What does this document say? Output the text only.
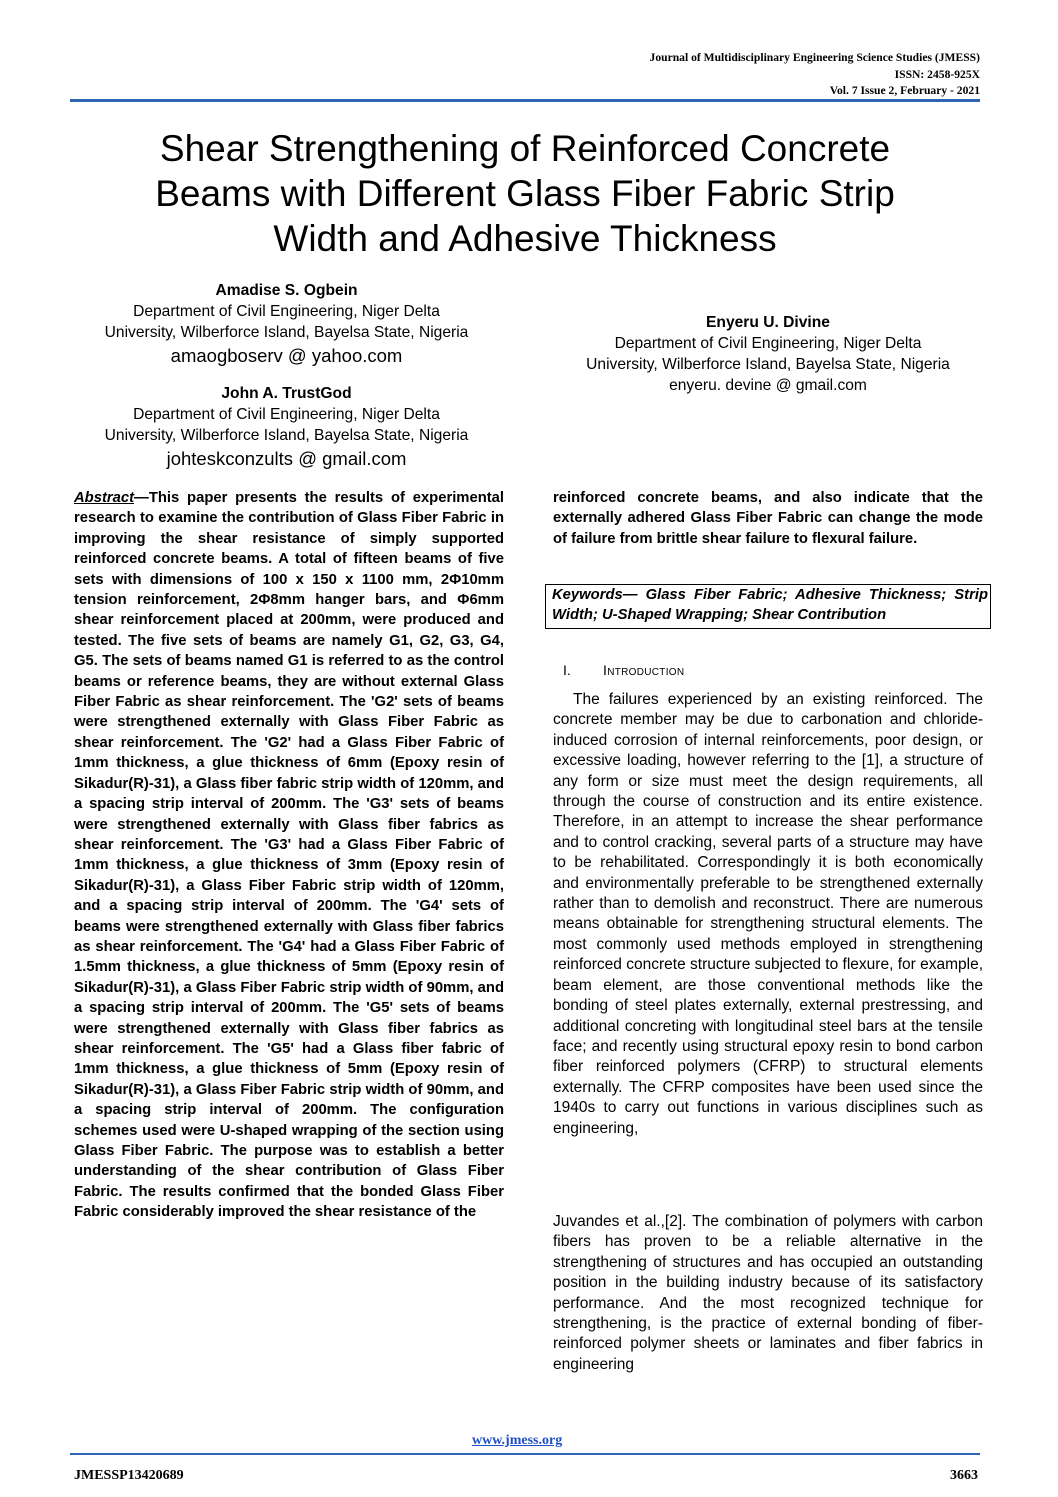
Journal of Multidisciplinary Engineering Science Studies (JMESS)
ISSN: 2458-925X
Vol. 7 Issue 2, February - 2021
Shear Strengthening of Reinforced Concrete
Beams with Different Glass Fiber Fabric Strip
Width and Adhesive Thickness
Amadise S. Ogbein
Department of Civil Engineering, Niger Delta
University, Wilberforce Island, Bayelsa State, Nigeria
amaogboserv @ yahoo.com
John A. TrustGod
Department of Civil Engineering, Niger Delta
University, Wilberforce Island, Bayelsa State, Nigeria
johteskconzults @ gmail.com
Enyeru U. Divine
Department of Civil Engineering, Niger Delta
University, Wilberforce Island, Bayelsa State, Nigeria
enyeru. devine @ gmail.com
Abstract—This paper presents the results of experimental research to examine the contribution of Glass Fiber Fabric in improving the shear resistance of simply supported reinforced concrete beams. A total of fifteen beams of five sets with dimensions of 100 x 150 x 1100 mm, 2Φ10mm tension reinforcement, 2Φ8mm hanger bars, and Φ6mm shear reinforcement placed at 200mm, were produced and tested. The five sets of beams are namely G1, G2, G3, G4, G5. The sets of beams named G1 is referred to as the control beams or reference beams, they are without external Glass Fiber Fabric as shear reinforcement. The 'G2' sets of beams were strengthened externally with Glass Fiber Fabric as shear reinforcement. The 'G2' had a Glass Fiber Fabric of 1mm thickness, a glue thickness of 6mm (Epoxy resin of Sikadur(R)-31), a Glass fiber fabric strip width of 120mm, and a spacing strip interval of 200mm. The 'G3' sets of beams were strengthened externally with Glass fiber fabrics as shear reinforcement. The 'G3' had a Glass Fiber Fabric of 1mm thickness, a glue thickness of 3mm (Epoxy resin of Sikadur(R)-31), a Glass Fiber Fabric strip width of 120mm, and a spacing strip interval of 200mm. The 'G4' sets of beams were strengthened externally with Glass fiber fabrics as shear reinforcement. The 'G4' had a Glass Fiber Fabric of 1.5mm thickness, a glue thickness of 5mm (Epoxy resin of Sikadur(R)-31), a Glass Fiber Fabric strip width of 90mm, and a spacing strip interval of 200mm. The 'G5' sets of beams were strengthened externally with Glass fiber fabrics as shear reinforcement. The 'G5' had a Glass fiber fabric of 1mm thickness, a glue thickness of 5mm (Epoxy resin of Sikadur(R)-31), a Glass Fiber Fabric strip width of 90mm, and a spacing strip interval of 200mm. The configuration schemes used were U-shaped wrapping of the section using Glass Fiber Fabric. The purpose was to establish a better understanding of the shear contribution of Glass Fiber Fabric. The results confirmed that the bonded Glass Fiber Fabric considerably improved the shear resistance of the
reinforced concrete beams, and also indicate that the externally adhered Glass Fiber Fabric can change the mode of failure from brittle shear failure to flexural failure.
Keywords— Glass Fiber Fabric; Adhesive Thickness; Strip Width; U-Shaped Wrapping; Shear Contribution
I. Introduction
The failures experienced by an existing reinforced. The concrete member may be due to carbonation and chloride-induced corrosion of internal reinforcements, poor design, or excessive loading, however referring to the [1], a structure of any form or size must meet the design requirements, all through the course of construction and its entire existence. Therefore, in an attempt to increase the shear performance and to control cracking, several parts of a structure may have to be rehabilitated. Correspondingly it is both economically and environmentally preferable to be strengthened externally rather than to demolish and reconstruct. There are numerous means obtainable for strengthening structural elements. The most commonly used methods employed in strengthening reinforced concrete structure subjected to flexure, for example, beam element, are those conventional methods like the bonding of steel plates externally, external prestressing, and additional concreting with longitudinal steel bars at the tensile face; and recently using structural epoxy resin to bond carbon fiber reinforced polymers (CFRP) to structural elements externally. The CFRP composites have been used since the 1940s to carry out functions in various disciplines such as engineering,
Juvandes et al.,[2]. The combination of polymers with carbon fibers has proven to be a reliable alternative in the strengthening of structures and has occupied an outstanding position in the building industry because of its satisfactory performance. And the most recognized technique for strengthening, is the practice of external bonding of fiber-reinforced polymer sheets or laminates and fiber fabrics in engineering
www.jmess.org
JMESSP13420689	3663
